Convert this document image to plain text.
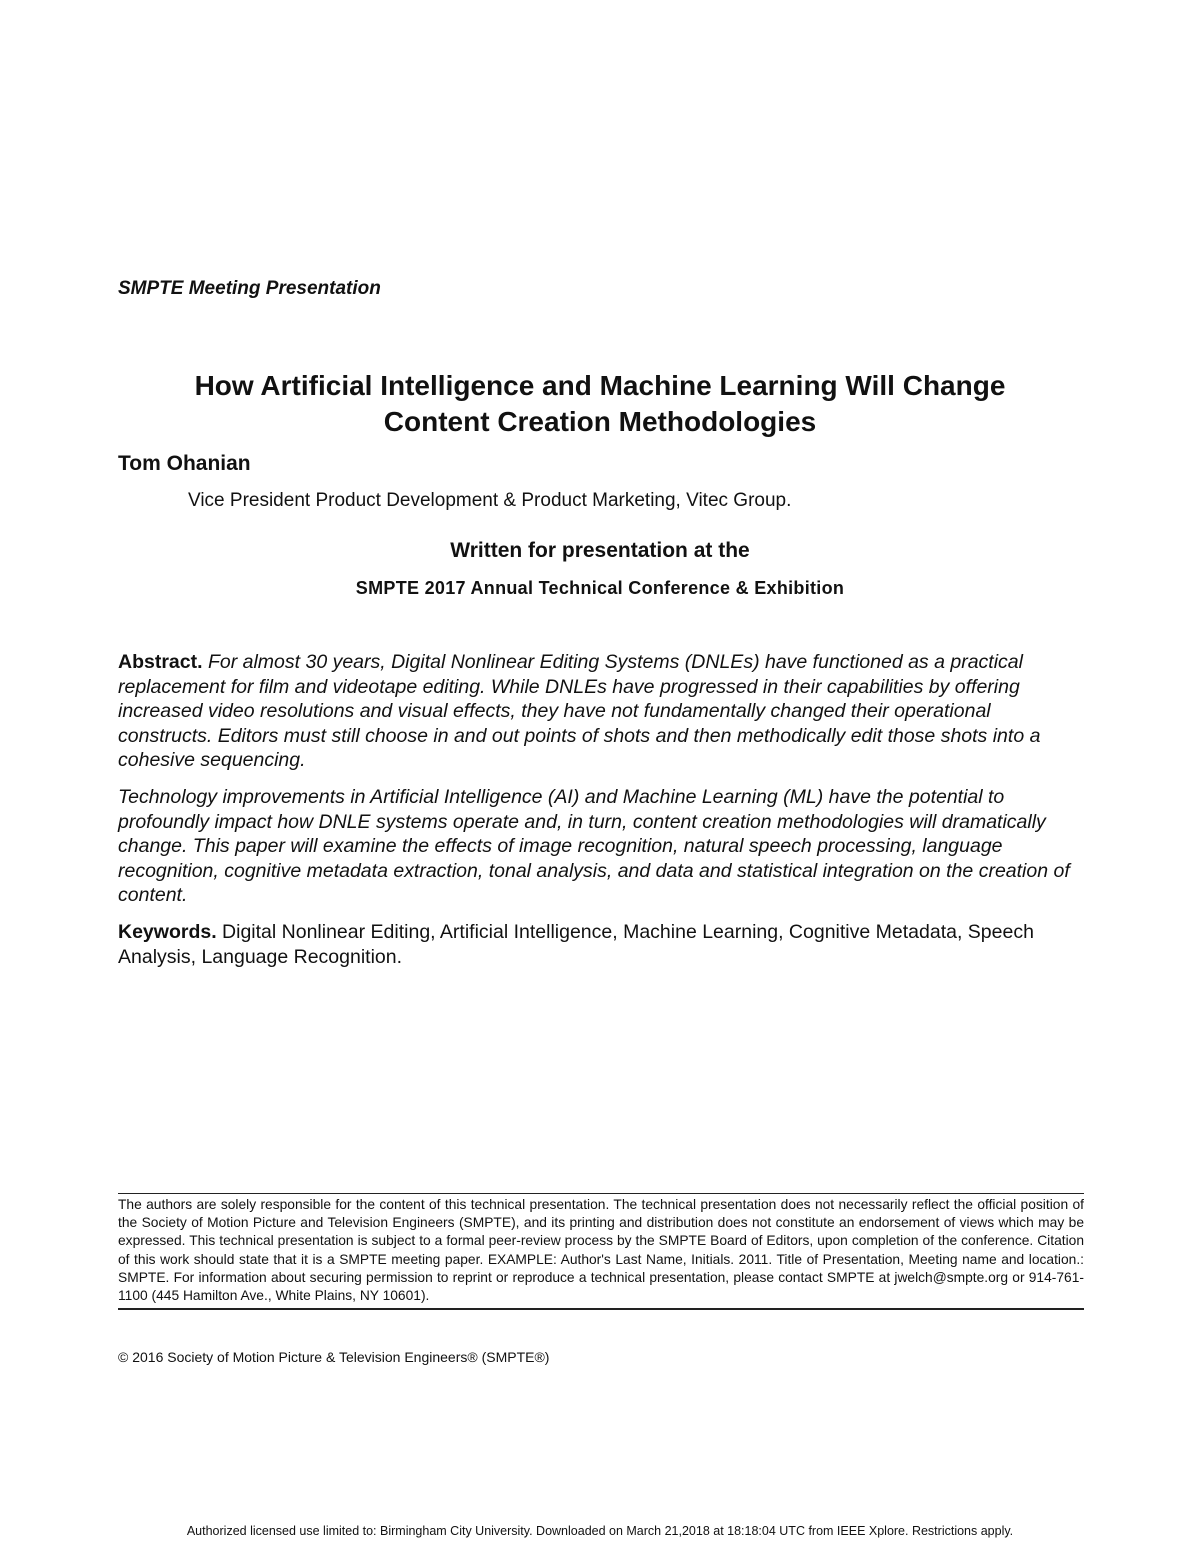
SMPTE Meeting Presentation
How Artificial Intelligence and Machine Learning Will Change
Content Creation Methodologies
Tom Ohanian
Vice President Product Development & Product Marketing, Vitec Group.
Written for presentation at the
SMPTE 2017 Annual Technical Conference & Exhibition

Abstract. For almost 30 years, Digital Nonlinear Editing Systems (DNLEs) have functioned as a practical replacement for film and videotape editing. While DNLEs have progressed in their capabilities by offering increased video resolutions and visual effects, they have not fundamentally changed their operational constructs. Editors must still choose in and out points of shots and then methodically edit those shots into a cohesive sequencing.

Technology improvements in Artificial Intelligence (AI) and Machine Learning (ML) have the potential to profoundly impact how DNLE systems operate and, in turn, content creation methodologies will dramatically change. This paper will examine the effects of image recognition, natural speech processing, language recognition, cognitive metadata extraction, tonal analysis, and data and statistical integration on the creation of content.

Keywords. Digital Nonlinear Editing, Artificial Intelligence, Machine Learning, Cognitive Metadata, Speech Analysis, Language Recognition.

The authors are solely responsible for the content of this technical presentation. The technical presentation does not necessarily reflect the official position of the Society of Motion Picture and Television Engineers (SMPTE), and its printing and distribution does not constitute an endorsement of views which may be expressed. This technical presentation is subject to a formal peer-review process by the SMPTE Board of Editors, upon completion of the conference. Citation of this work should state that it is a SMPTE meeting paper. EXAMPLE: Author's Last Name, Initials. 2011. Title of Presentation, Meeting name and location.: SMPTE. For information about securing permission to reprint or reproduce a technical presentation, please contact SMPTE at jwelch@smpte.org or 914-761-1100 (445 Hamilton Ave., White Plains, NY 10601).
© 2016 Society of Motion Picture & Television Engineers® (SMPTE®)
Authorized licensed use limited to: Birmingham City University. Downloaded on March 21,2018 at 18:18:04 UTC from IEEE Xplore. Restrictions apply.
